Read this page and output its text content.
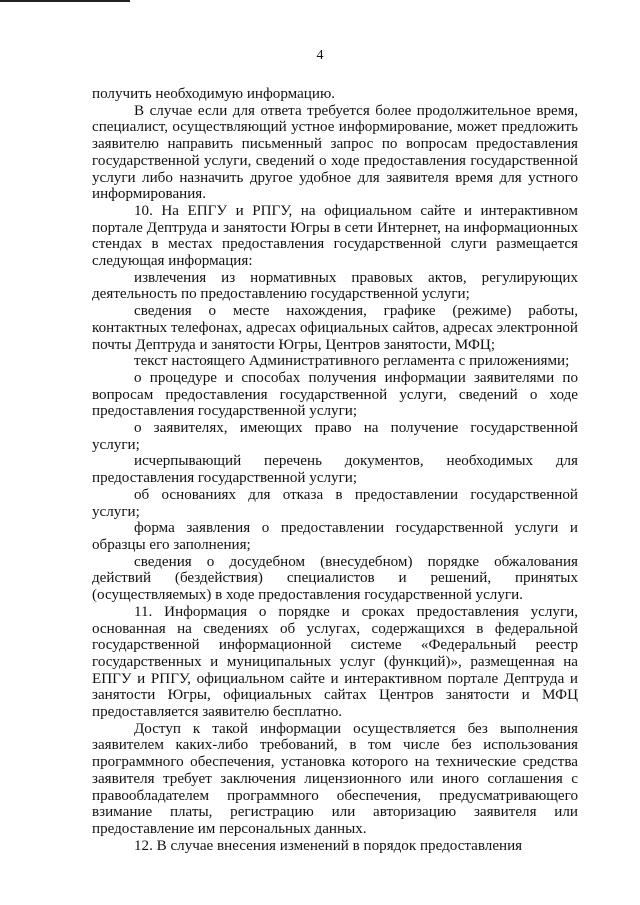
4

получить необходимую информацию.

В случае если для ответа требуется более продолжительное время, специалист, осуществляющий устное информирование, может предложить заявителю направить письменный запрос по вопросам предоставления государственной услуги, сведений о ходе предоставления государственной услуги либо назначить другое удобное для заявителя время для устного информирования.

10. На ЕПГУ и РПГУ, на официальном сайте и интерактивном портале Дептруда и занятости Югры в сети Интернет, на информационных стендах в местах предоставления государственной слуги размещается следующая информация:

извлечения из нормативных правовых актов, регулирующих деятельность по предоставлению государственной услуги;

сведения о месте нахождения, графике (режиме) работы, контактных телефонах, адресах официальных сайтов, адресах электронной почты Дептруда и занятости Югры, Центров занятости, МФЦ;

текст настоящего Административного регламента с приложениями;

о процедуре и способах получения информации заявителями по вопросам предоставления государственной услуги, сведений о ходе предоставления государственной услуги;

о заявителях, имеющих право на получение государственной услуги;

исчерпывающий перечень документов, необходимых для предоставления государственной услуги;

об основаниях для отказа в предоставлении государственной услуги;

форма заявления о предоставлении государственной услуги и образцы его заполнения;

сведения о досудебном (внесудебном) порядке обжалования действий (бездействия) специалистов и решений, принятых (осуществляемых) в ходе предоставления государственной услуги.

11. Информация о порядке и сроках предоставления услуги, основанная на сведениях об услугах, содержащихся в федеральной государственной информационной системе «Федеральный реестр государственных и муниципальных услуг (функций)», размещенная на ЕПГУ и РПГУ, официальном сайте и интерактивном портале Дептруда и занятости Югры, официальных сайтах Центров занятости и МФЦ предоставляется заявителю бесплатно.

Доступ к такой информации осуществляется без выполнения заявителем каких-либо требований, в том числе без использования программного обеспечения, установка которого на технические средства заявителя требует заключения лицензионного или иного соглашения с правообладателем программного обеспечения, предусматривающего взимание платы, регистрацию или авторизацию заявителя или предоставление им персональных данных.

12. В случае внесения изменений в порядок предоставления
